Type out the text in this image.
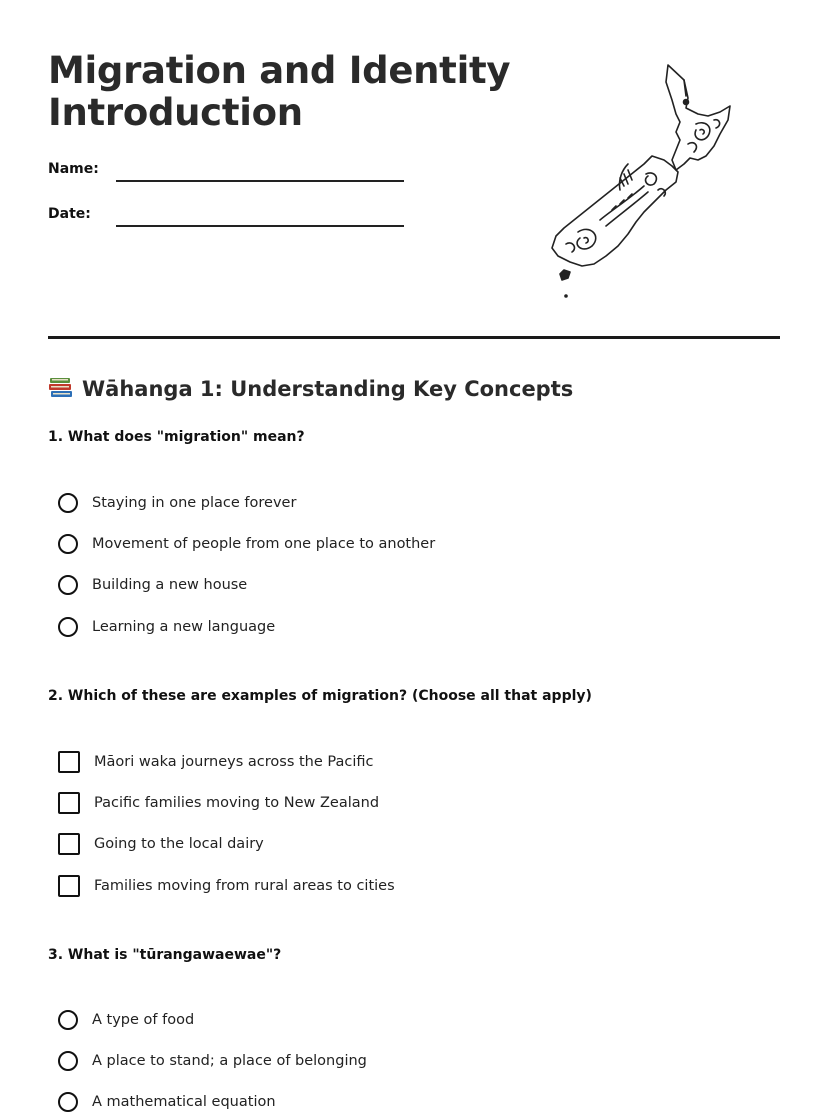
Migration and Identity
Introduction
Name:
Date:
Wāhanga 1: Understanding Key Concepts

1. What does "migration" mean?

Staying in one place forever
Movement of people from one place to another
Building a new house
Learning a new language

2. Which of these are examples of migration? (Choose all that apply)

Māori waka journeys across the Pacific
Pacific families moving to New Zealand
Going to the local dairy
Families moving from rural areas to cities

3. What is "tūrangawaewae"?

A type of food
A place to stand; a place of belonging
A mathematical equation
